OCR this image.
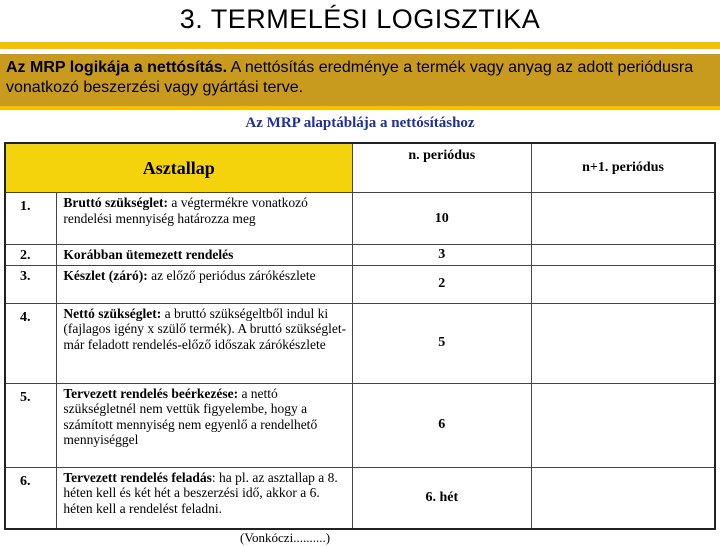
3. TERMELÉSI LOGISZTIKA
Az MRP logikája a nettósítás. A nettósítás eredménye a termék vagy anyag az adott periódusra vonatkozó beszerzési vagy gyártási terve.
Az MRP alaptáblája a nettósításhoz
Asztallap		n. periódus	n+1. periódus
1.	Bruttó szükséglet: a végtermékre vonatkozó rendelési mennyiség határozza meg	10	
2.	Korábban ütemezett rendelés	3	
3.	Készlet (záró): az előző periódus zárókészlete	2	
4.	Nettó szükséglet: a bruttó szükségeltből indul ki (fajlagos igény x szülő termék). A bruttó szükséglet-már feladott rendelés-előző időszak zárókészlete	5	
5.	Tervezett rendelés beérkezése: a nettó szükségletnél nem vettük figyelembe, hogy a számított mennyiség nem egyenlő a rendelhető mennyiséggel	6	
6.	Tervezett rendelés feladás: ha pl. az asztallap a 8. héten kell és két hét a beszerzési idő, akkor a 6. héten kell a rendelést feladni.	6. hét	
(Vonkóczi..........)
